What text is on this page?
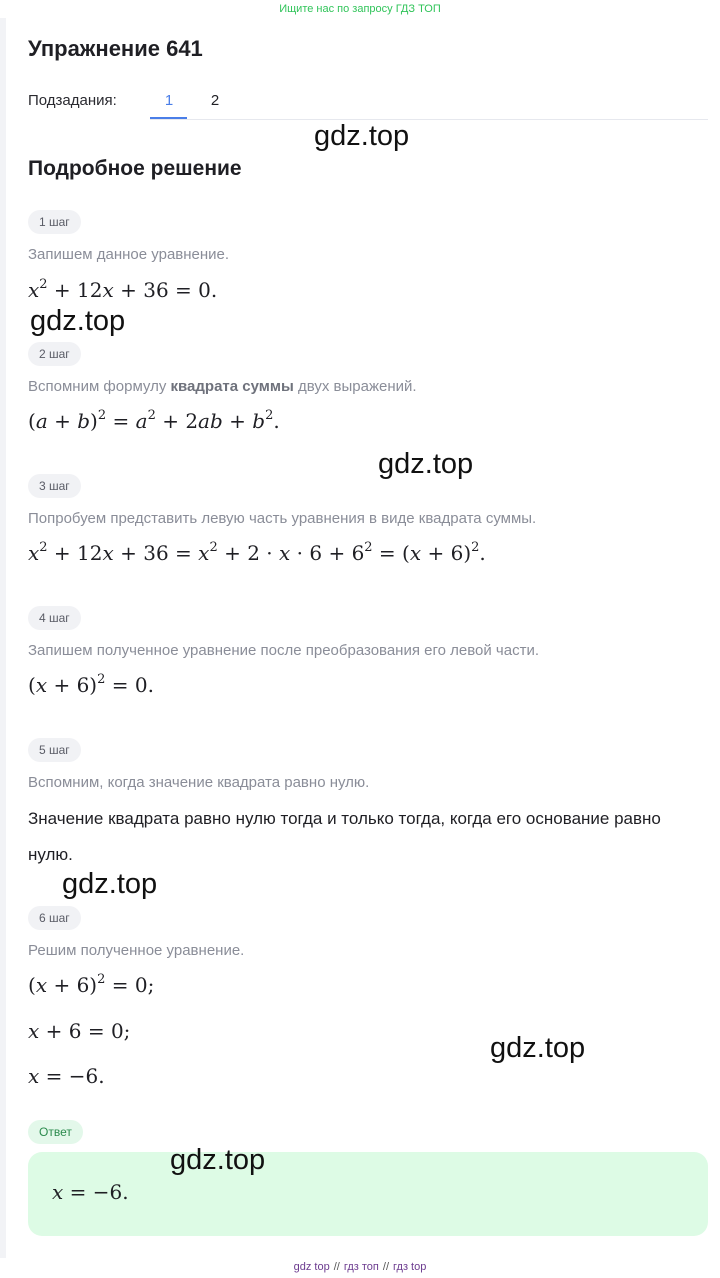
Ищите нас по запросу ГДЗ ТОП
Упражнение 641
Подзадания:	1	2
gdz.top
Подробное решение
1 шаг
Запишем данное уравнение.
$x^2 + 12x + 36 = 0$.
gdz.top
2 шаг
Вспомним формулу квадрата суммы двух выражений.
$(a + b)^2 = a^2 + 2ab + b^2$.
gdz.top
3 шаг
Попробуем представить левую часть уравнения в виде квадрата суммы.
$x^2 + 12x + 36 = x^2 + 2 \cdot x \cdot 6 + 6^2 = (x + 6)^2$.
4 шаг
Запишем полученное уравнение после преобразования его левой части.
$(x + 6)^2 = 0$.
5 шаг
Вспомним, когда значение квадрата равно нулю.
Значение квадрата равно нулю тогда и только тогда, когда его основание равно нулю.
gdz.top
6 шаг
Решим полученное уравнение.
$(x + 6)^2 = 0$;
x + 6 = 0;
x = −6.
gdz.top
Ответ
x = −6.
gdz.top
gdz top // гдз топ // гдз top
